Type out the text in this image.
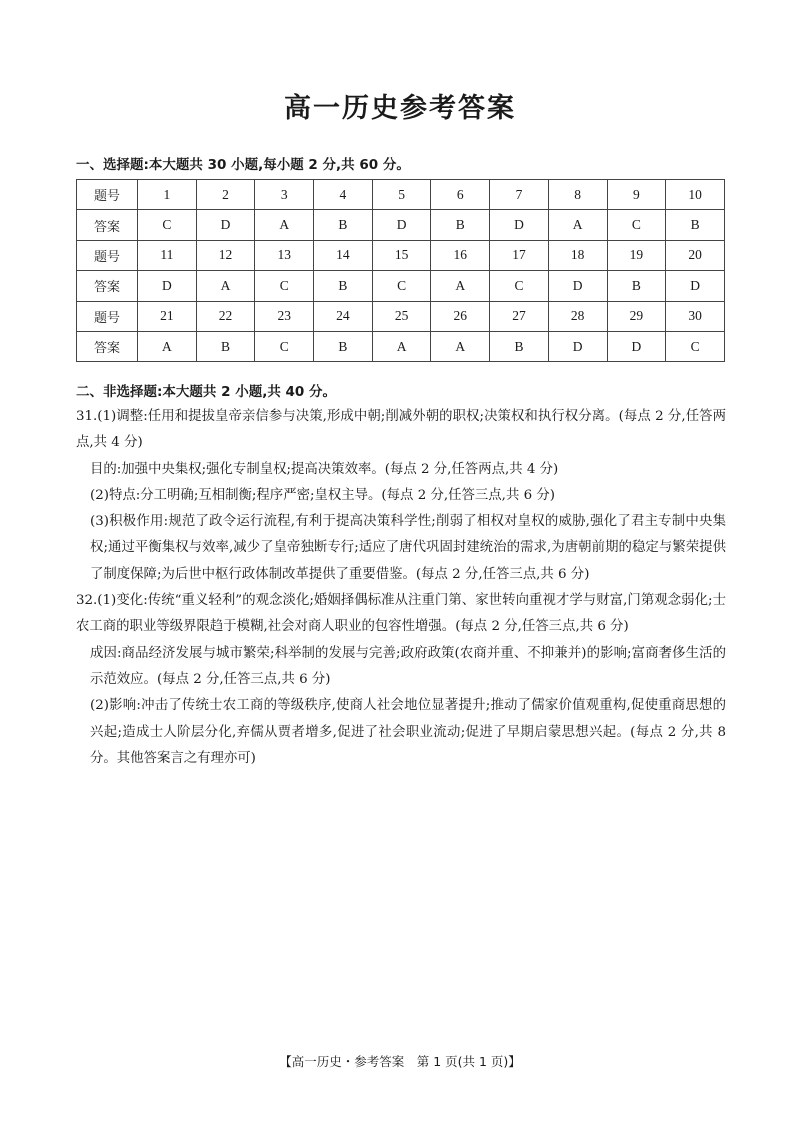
高一历史参考答案
一、选择题:本大题共 30 小题,每小题 2 分,共 60 分。
题号	1	2	3	4	5	6	7	8	9	10
答案	C	D	A	B	D	B	D	A	C	B
题号	11	12	13	14	15	16	17	18	19	20
答案	D	A	C	B	C	A	C	D	B	D
题号	21	22	23	24	25	26	27	28	29	30
答案	A	B	C	B	A	A	B	D	D	C
二、非选择题:本大题共 2 小题,共 40 分。

31.(1)调整:任用和提拔皇帝亲信参与决策,形成中朝;削减外朝的职权;决策权和执行权分离。(每点 2 分,任答两点,共 4 分)

目的:加强中央集权;强化专制皇权;提高决策效率。(每点 2 分,任答两点,共 4 分)

(2)特点:分工明确;互相制衡;程序严密;皇权主导。(每点 2 分,任答三点,共 6 分)

(3)积极作用:规范了政令运行流程,有利于提高决策科学性;削弱了相权对皇权的威胁,强化了君主专制中央集权;通过平衡集权与效率,减少了皇帝独断专行;适应了唐代巩固封建统治的需求,为唐朝前期的稳定与繁荣提供了制度保障;为后世中枢行政体制改革提供了重要借鉴。(每点 2 分,任答三点,共 6 分)

32.(1)变化:传统“重义轻利”的观念淡化;婚姻择偶标准从注重门第、家世转向重视才学与财富,门第观念弱化;士农工商的职业等级界限趋于模糊,社会对商人职业的包容性增强。(每点 2 分,任答三点,共 6 分)

成因:商品经济发展与城市繁荣;科举制的发展与完善;政府政策(农商并重、不抑兼并)的影响;富商奢侈生活的示范效应。(每点 2 分,任答三点,共 6 分)

(2)影响:冲击了传统士农工商的等级秩序,使商人社会地位显著提升;推动了儒家价值观重构,促使重商思想的兴起;造成士人阶层分化,弃儒从贾者增多,促进了社会职业流动;促进了早期启蒙思想兴起。(每点 2 分,共 8 分。其他答案言之有理亦可)

【高一历史・参考答案　第 1 页(共 1 页)】
